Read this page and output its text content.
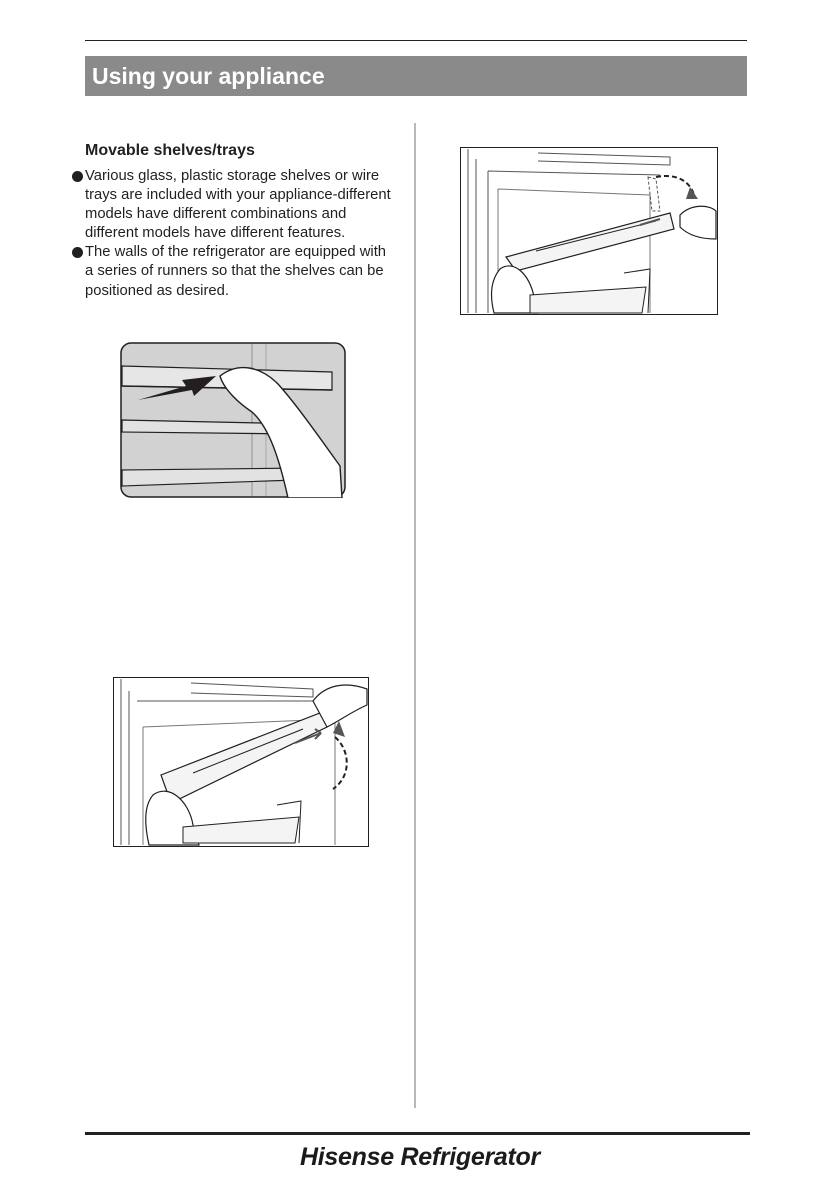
Using your appliance
Movable shelves/trays
Various glass, plastic storage shelves or wire trays are included with your appliance-different models have different combinations and different models have different features.
The walls of the refrigerator are equipped with a series of runners so that the shelves can be positioned as desired.
Hisense Refrigerator
